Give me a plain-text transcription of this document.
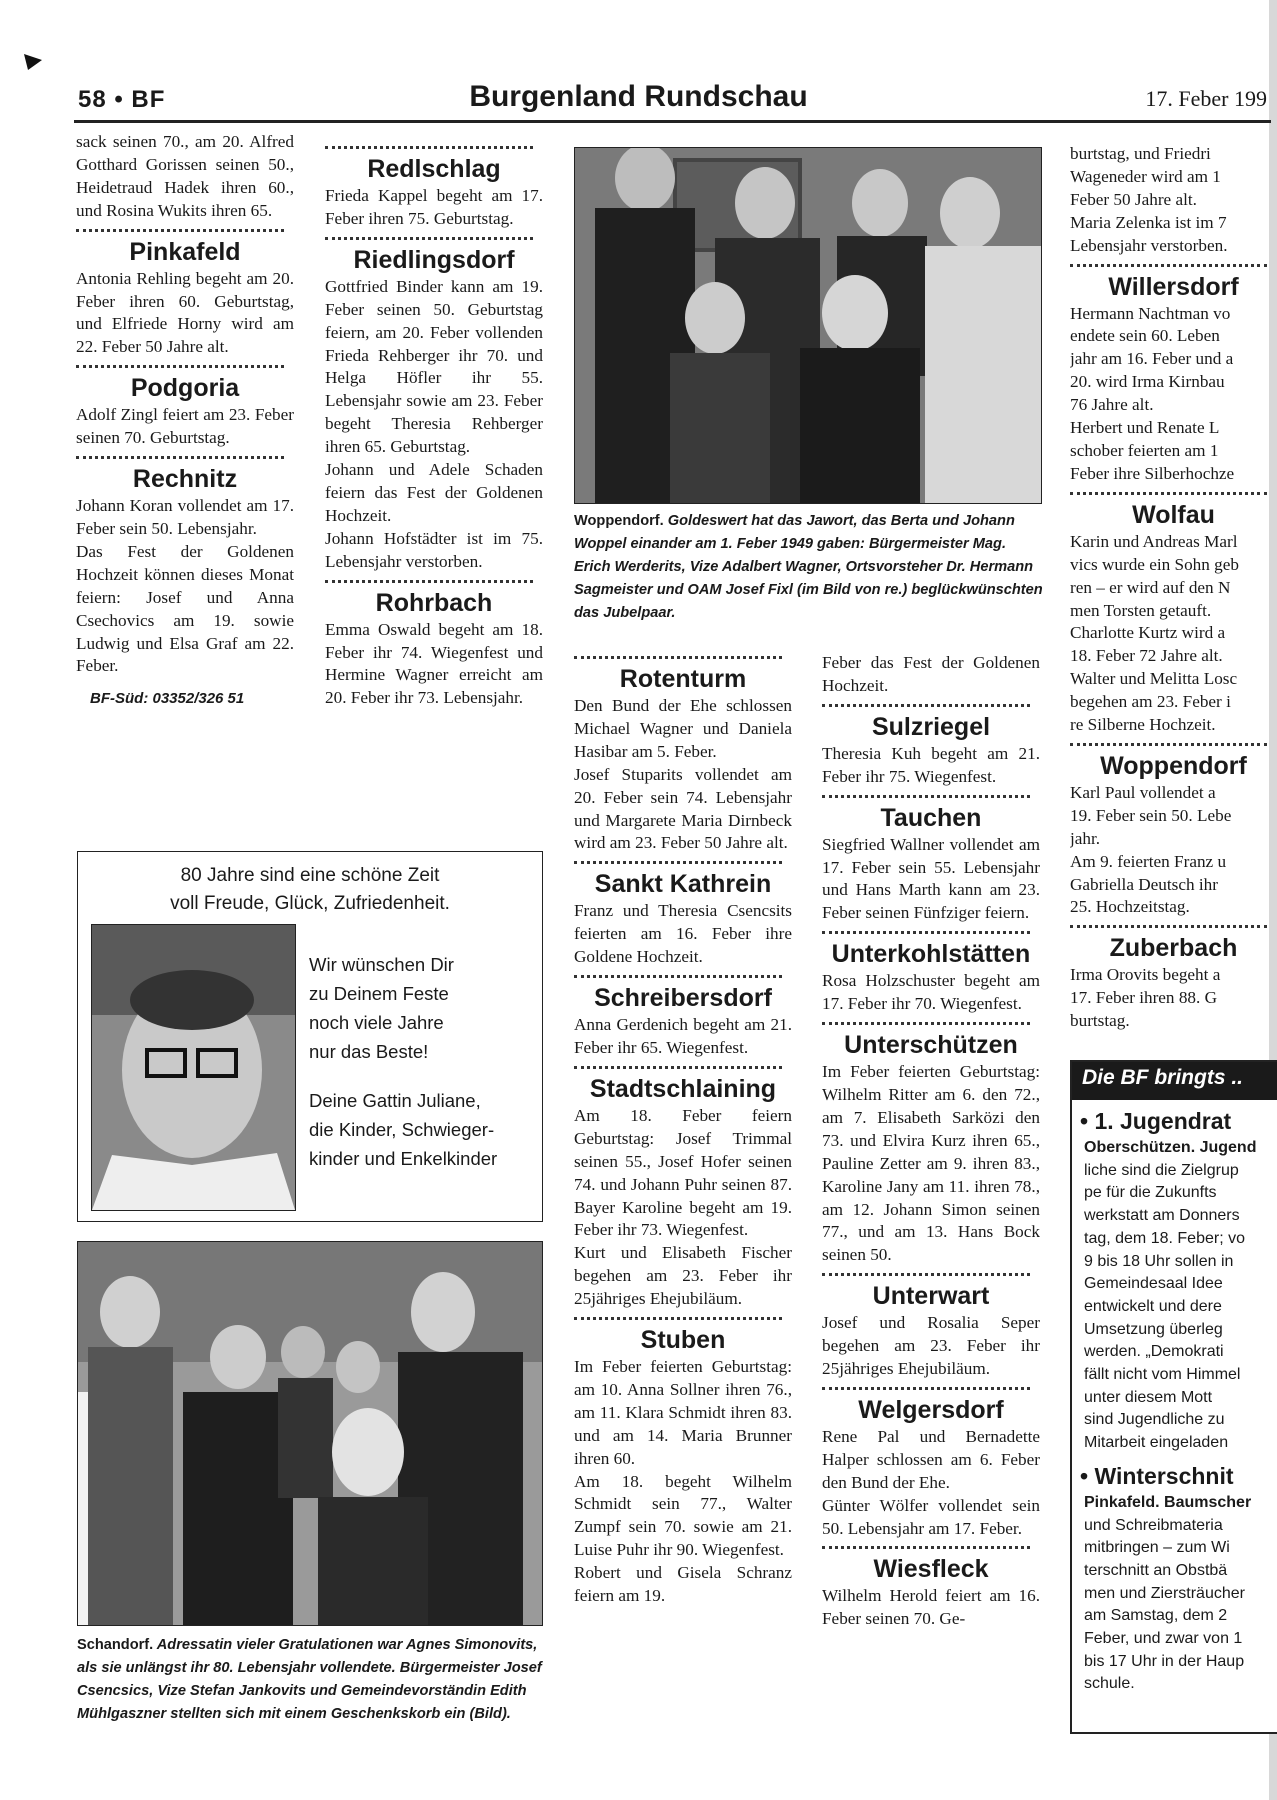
58 • BF	Burgenland Rundschau	17. Feber 199

sack seinen 70., am 20. Alfred Gotthard Gorissen seinen 50., Heidetraud Hadek ihren 60., und Rosina Wukits ihren 65.

Pinkafeld

Antonia Rehling begeht am 20. Feber ihren 60. Geburtstag, und Elfriede Horny wird am 22. Feber 50 Jahre alt.

Podgoria

Adolf Zingl feiert am 23. Feber seinen 70. Geburtstag.

Rechnitz

Johann Koran vollendet am 17. Feber sein 50. Lebensjahr.

Das Fest der Goldenen Hochzeit können dieses Monat feiern: Josef und Anna Csechovics am 19. sowie Ludwig und Elsa Graf am 22. Feber.

BF-Süd: 03352/326 51
Redlschlag

Frieda Kappel begeht am 17. Feber ihren 75. Geburtstag.

Riedlingsdorf

Gottfried Binder kann am 19. Feber seinen 50. Geburtstag feiern, am 20. Feber vollenden Frieda Rehberger ihr 70. und Helga Höfler ihr 55. Lebensjahr sowie am 23. Feber begeht Theresia Rehberger ihren 65. Geburtstag.

Johann und Adele Schaden feiern das Fest der Goldenen Hochzeit.

Johann Hofstädter ist im 75. Lebensjahr verstorben.

Rohrbach

Emma Oswald begeht am 18. Feber ihr 74. Wiegenfest und Hermine Wagner erreicht am 20. Feber ihr 73. Lebensjahr.

80 Jahre sind eine schöne Zeit
voll Freude, Glück, Zufriedenheit.
Wir wünschen Dir
zu Deinem Feste
noch viele Jahre
nur das Beste!
Deine Gattin Juliane,
die Kinder, Schwieger-
kinder und Enkelkinder
Schandorf. Adressatin vieler Gratulationen war Agnes Simonovits, als sie unlängst ihr 80. Lebensjahr vollendete. Bürgermeister Josef Csencsics, Vize Stefan Jankovits und Gemeindevorständin Edith Mühlgaszner stellten sich mit einem Geschenkskorb ein (Bild).
Woppendorf. Goldeswert hat das Jawort, das Berta und Johann Woppel einander am 1. Feber 1949 gaben: Bürgermeister Mag. Erich Werderits, Vize Adalbert Wagner, Ortsvorsteher Dr. Hermann Sagmeister und OAM Josef Fixl (im Bild von re.) beglückwünschten das Jubelpaar.
Rotenturm

Den Bund der Ehe schlossen Michael Wagner und Daniela Hasibar am 5. Feber.

Josef Stuparits vollendet am 20. Feber sein 74. Lebensjahr und Margarete Maria Dirnbeck wird am 23. Feber 50 Jahre alt.

Sankt Kathrein

Franz und Theresia Csencsits feierten am 16. Feber ihre Goldene Hochzeit.

Schreibersdorf

Anna Gerdenich begeht am 21. Feber ihr 65. Wiegenfest.

Stadtschlaining

Am 18. Feber feiern Geburtstag: Josef Trimmal seinen 55., Josef Hofer seinen 74. und Johann Puhr seinen 87. Bayer Karoline begeht am 19. Feber ihr 73. Wiegenfest.

Kurt und Elisabeth Fischer begehen am 23. Feber ihr 25jähriges Ehejubiläum.

Stuben

Im Feber feierten Geburtstag: am 10. Anna Sollner ihren 76., am 11. Klara Schmidt ihren 83. und am 14. Maria Brunner ihren 60.

Am 18. begeht Wilhelm Schmidt sein 77., Walter Zumpf sein 70. sowie am 21. Luise Puhr ihr 90. Wiegenfest.

Robert und Gisela Schranz feiern am 19.

Feber das Fest der Goldenen Hochzeit.

Sulzriegel

Theresia Kuh begeht am 21. Feber ihr 75. Wiegenfest.

Tauchen

Siegfried Wallner vollendet am 17. Feber sein 55. Lebensjahr und Hans Marth kann am 23. Feber seinen Fünfziger feiern.

Unterkohlstätten

Rosa Holzschuster begeht am 17. Feber ihr 70. Wiegenfest.

Unterschützen

Im Feber feierten Geburtstag: Wilhelm Ritter am 6. den 72., am 7. Elisabeth Sarközi den 73. und Elvira Kurz ihren 65., Pauline Zetter am 9. ihren 83., Karoline Jany am 11. ihren 78., am 12. Johann Simon seinen 77., und am 13. Hans Bock seinen 50.

Unterwart

Josef und Rosalia Seper begehen am 23. Feber ihr 25jähriges Ehejubiläum.

Welgersdorf

Rene Pal und Bernadette Halper schlossen am 6. Feber den Bund der Ehe.

Günter Wölfer vollendet sein 50. Lebensjahr am 17. Feber.

Wiesfleck

Wilhelm Herold feiert am 16. Feber seinen 70. Ge-

burtstag, und Friedri
Wageneder wird am 1
Feber 50 Jahre alt.
Maria Zelenka ist im 7
Lebensjahr verstorben.
Willersdorf
Hermann Nachtman vo
endete sein 60. Leben
jahr am 16. Feber und a
20. wird Irma Kirnbau
76 Jahre alt.
Herbert und Renate L
schober feierten am 1
Feber ihre Silberhochze
Wolfau
Karin und Andreas Marl
vics wurde ein Sohn geb
ren – er wird auf den N
men Torsten getauft.
Charlotte Kurtz wird a
18. Feber 72 Jahre alt.
Walter und Melitta Losc
begehen am 23. Feber i
re Silberne Hochzeit.
Woppendorf
Karl Paul vollendet a
19. Feber sein 50. Lebe
jahr.
Am 9. feierten Franz u
Gabriella Deutsch ihr
25. Hochzeitstag.
Zuberbach
Irma Orovits begeht a
17. Feber ihren 88. G
burtstag.
Die BF bringts ..
• 1. Jugendrat

Oberschützen. Jugend

liche sind die Zielgrup

pe für die Zukunfts

werkstatt am Donners

tag, dem 18. Feber; vo

9 bis 18 Uhr sollen in

Gemeindesaal Idee

entwickelt und dere

Umsetzung überleg

werden. „Demokrati

fällt nicht vom Himmel

unter diesem Mott

sind Jugendliche zu

Mitarbeit eingeladen

• Winterschnit

Pinkafeld. Baumscher

und Schreibmateria

mitbringen – zum Wi

terschnitt an Obstbä

men und Ziersträucher

am Samstag, dem 2

Feber, und zwar von 1

bis 17 Uhr in der Haup

schule.
